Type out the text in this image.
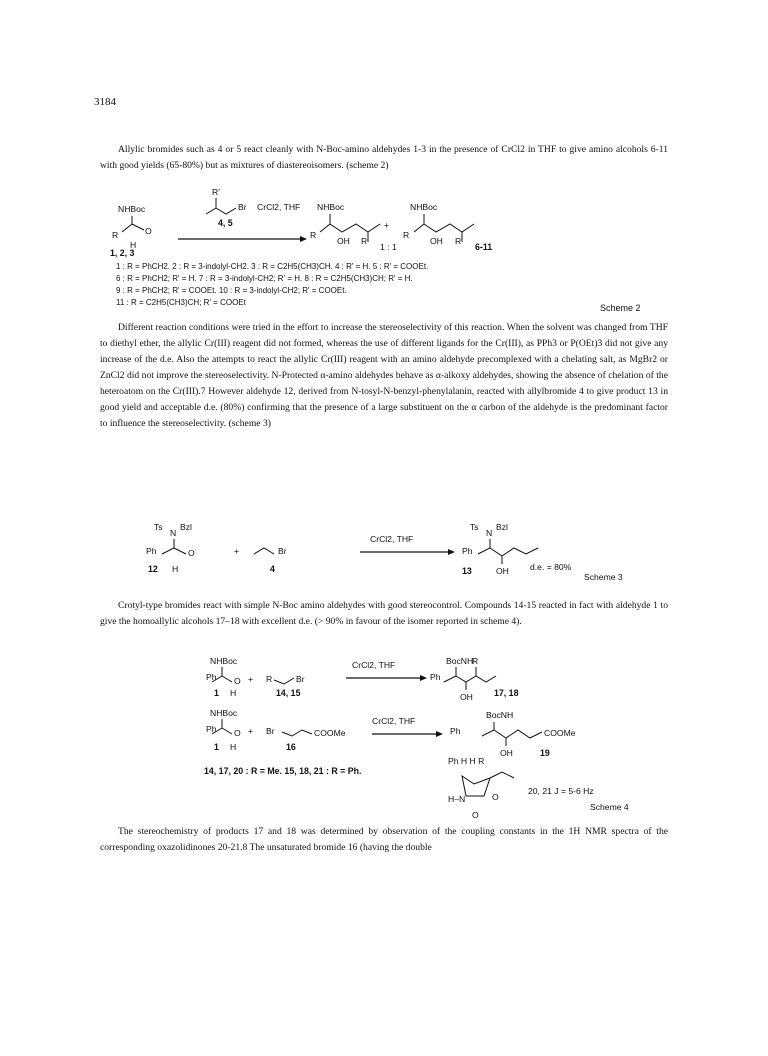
3184
Allylic bromides such as 4 or 5 react cleanly with N-Boc-amino aldehydes 1-3 in the presence of CrCl2 in THF to give amino alcohols 6-11 with good yields (65-80%) but as mixtures of diastereoisomers. (scheme 2)
R'
Br CrCl2, THF
4, 5
NHBoc
R	O
H
NHBoc
R
OH R'
+
1 : 1
NHBoc
R
OH R'
6-11
1, 2, 3
1 : R = PhCH2. 2 : R = 3-indolyl-CH2. 3 : R = C2H5(CH3)CH. 4 : R' = H. 5 : R' = COOEt.
6 : R = PhCH2; R' = H. 7 : R = 3-indolyl-CH2; R' = H. 8 : R = C2H5(CH3)CH; R' = H.
9 : R = PhCH2; R' = COOEt. 10 : R = 3-indolyl-CH2; R' = COOEt.
11 : R = C2H5(CH3)CH; R' = COOEt
Scheme 2
Different reaction conditions were tried in the effort to increase the stereoselectivity of this reaction. When the solvent was changed from THF to diethyl ether, the allylic Cr(III) reagent did not formed, whereas the use of different ligands for the Cr(III), as PPh3 or P(OEt)3 did not give any increase of the d.e. Also the attempts to react the allylic Cr(III) reagent with an amino aldehyde precomplexed with a chelating salt, as MgBr2 or ZnCl2 did not improve the stereoselectivity. N-Protected α-amino aldehydes behave as α-alkoxy aldehydes, showing the absence of chelation of the heteroatom on the Cr(III).7 However aldehyde 12, derived from N-tosyl-N-benzyl-phenylalanin, reacted with allylbromide 4 to give product 13 in good yield and acceptable d.e. (80%) confirming that the presence of a large substituent on the α carbon of the aldehyde is the predominant factor to influence the stereoselectivity. (scheme 3)
Ts
N
Bzl
Ph	O
H
12
+	Br
4
CrCl2, THF
Ts
N
Bzl
Ph
13	OH d.e. = 80%
Scheme 3
Crotyl-type bromides react with simple N-Boc amino aldehydes with good stereocontrol. Compounds 14-15 reacted in fact with aldehyde 1 to give the homoallylic alcohols 17–18 with excellent d.e. (> 90% in favour of the isomer reported in scheme 4).
NHBoc
Ph O
H
1
+ R	Br
14, 15
CrCl2, THF	BocNH
R
Ph
OH 17, 18
NHBoc
Ph O
H
1
+ Br	COOMe
16
CrCl2, THF
BocNH
Ph	COOMe
OH	19
14, 17, 20 : R = Me. 15, 18, 21 : R = Ph.
Ph H H R
H–N	O
O
20, 21 J = 5-6 Hz
Scheme 4
The stereochemistry of products 17 and 18 was determined by observation of the coupling constants in the 1H NMR spectra of the corresponding oxazolidinones 20-21.8 The unsaturated bromide 16 (having the double
